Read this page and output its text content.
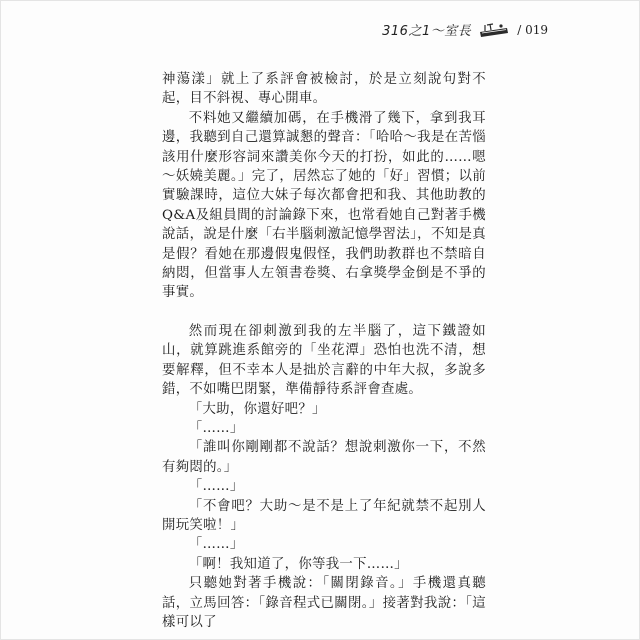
316之1～室長	/ 019

神蕩漾」就上了系評會被檢討，於是立刻說句對不起，目不斜視、專心開車。

不料她又繼續加碼，在手機滑了幾下，拿到我耳邊，我聽到自己還算誠懇的聲音：「哈哈～我是在苦惱該用什麼形容詞來讚美你今天的打扮，如此的……嗯～妖嬈美麗。」完了，居然忘了她的「好」習慣；以前實驗課時，這位大妹子每次都會把和我、其他助教的Q&A及組員間的討論錄下來，也常看她自己對著手機說話，說是什麼「右半腦刺激記憶學習法」，不知是真是假？看她在那邊假鬼假怪，我們助教群也不禁暗自納悶，但當事人左領書卷獎、右拿獎學金倒是不爭的事實。

然而現在卻刺激到我的左半腦了，這下鐵證如山，就算跳進系館旁的「坐花潭」恐怕也洗不清，想要解釋，但不幸本人是拙於言辭的中年大叔，多說多錯，不如嘴巴閉緊，準備靜待系評會查處。

「大助，你還好吧？」

「……」

「誰叫你剛剛都不說話？想說刺激你一下，不然有夠悶的。」

「……」

「不會吧？大助～是不是上了年紀就禁不起別人開玩笑啦！」

「……」

「啊！我知道了，你等我一下……」

只聽她對著手機說：「關閉錄音。」手機還真聽話，立馬回答：「錄音程式已關閉。」接著對我說：「這樣可以了
